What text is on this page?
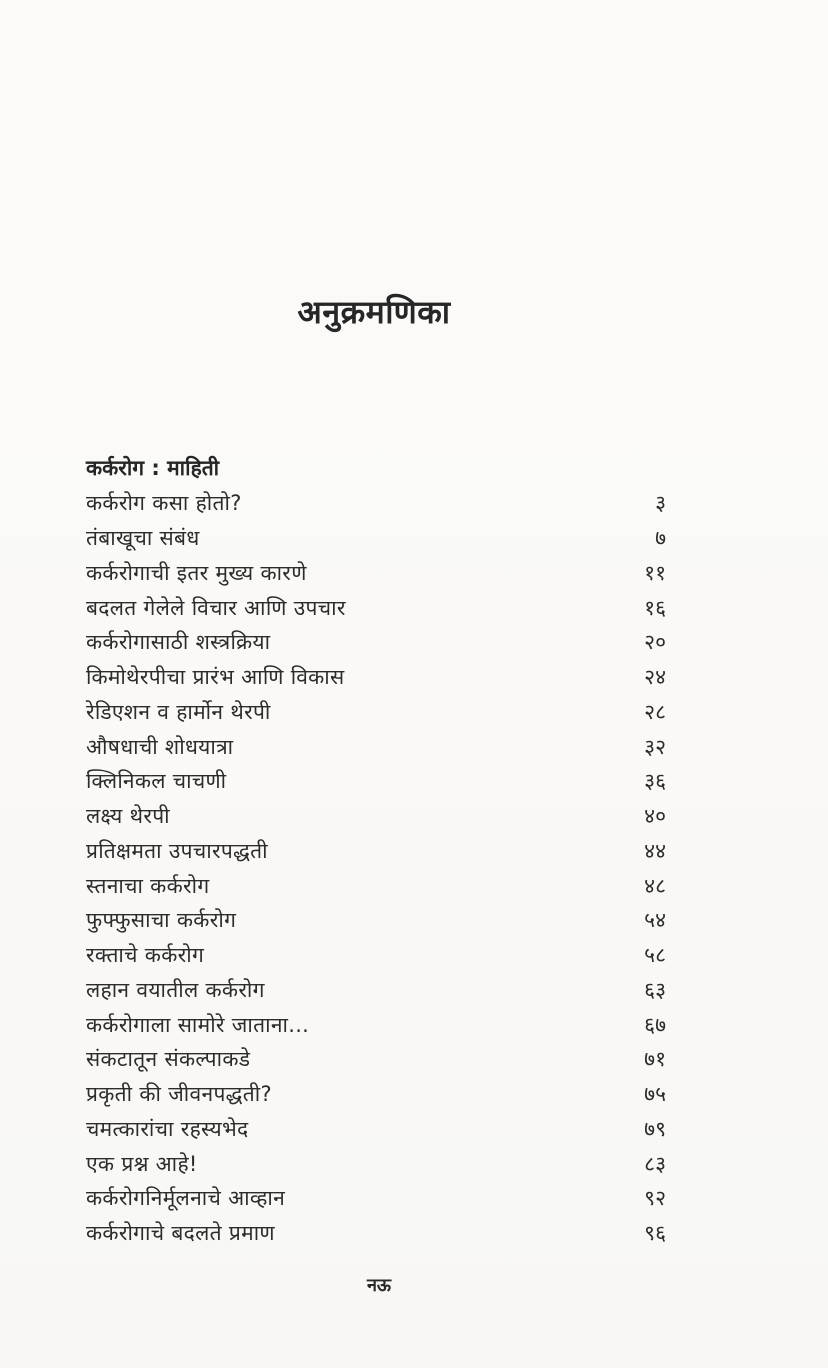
अनुक्रमणिका
कर्करोग : माहिती
कर्करोग कसा होतो?	३
तंबाखूचा संबंध	७
कर्करोगाची इतर मुख्य कारणे	११
बदलत गेलेले विचार आणि उपचार	१६
कर्करोगासाठी शस्त्रक्रिया	२०
किमोथेरपीचा प्रारंभ आणि विकास	२४
रेडिएशन व हार्मोन थेरपी	२८
औषधाची शोधयात्रा	३२
क्लिनिकल चाचणी	३६
लक्ष्य थेरपी	४०
प्रतिक्षमता उपचारपद्धती	४४
स्तनाचा कर्करोग	४८
फुफ्फुसाचा कर्करोग	५४
रक्ताचे कर्करोग	५८
लहान वयातील कर्करोग	६३
कर्करोगाला सामोरे जाताना...	६७
संकटातून संकल्पाकडे	७१
प्रकृती की जीवनपद्धती?	७५
चमत्कारांचा रहस्यभेद	७९
एक प्रश्न आहे!	८३
कर्करोगनिर्मूलनाचे आव्हान	९२
कर्करोगाचे बदलते प्रमाण	९६
नऊ
